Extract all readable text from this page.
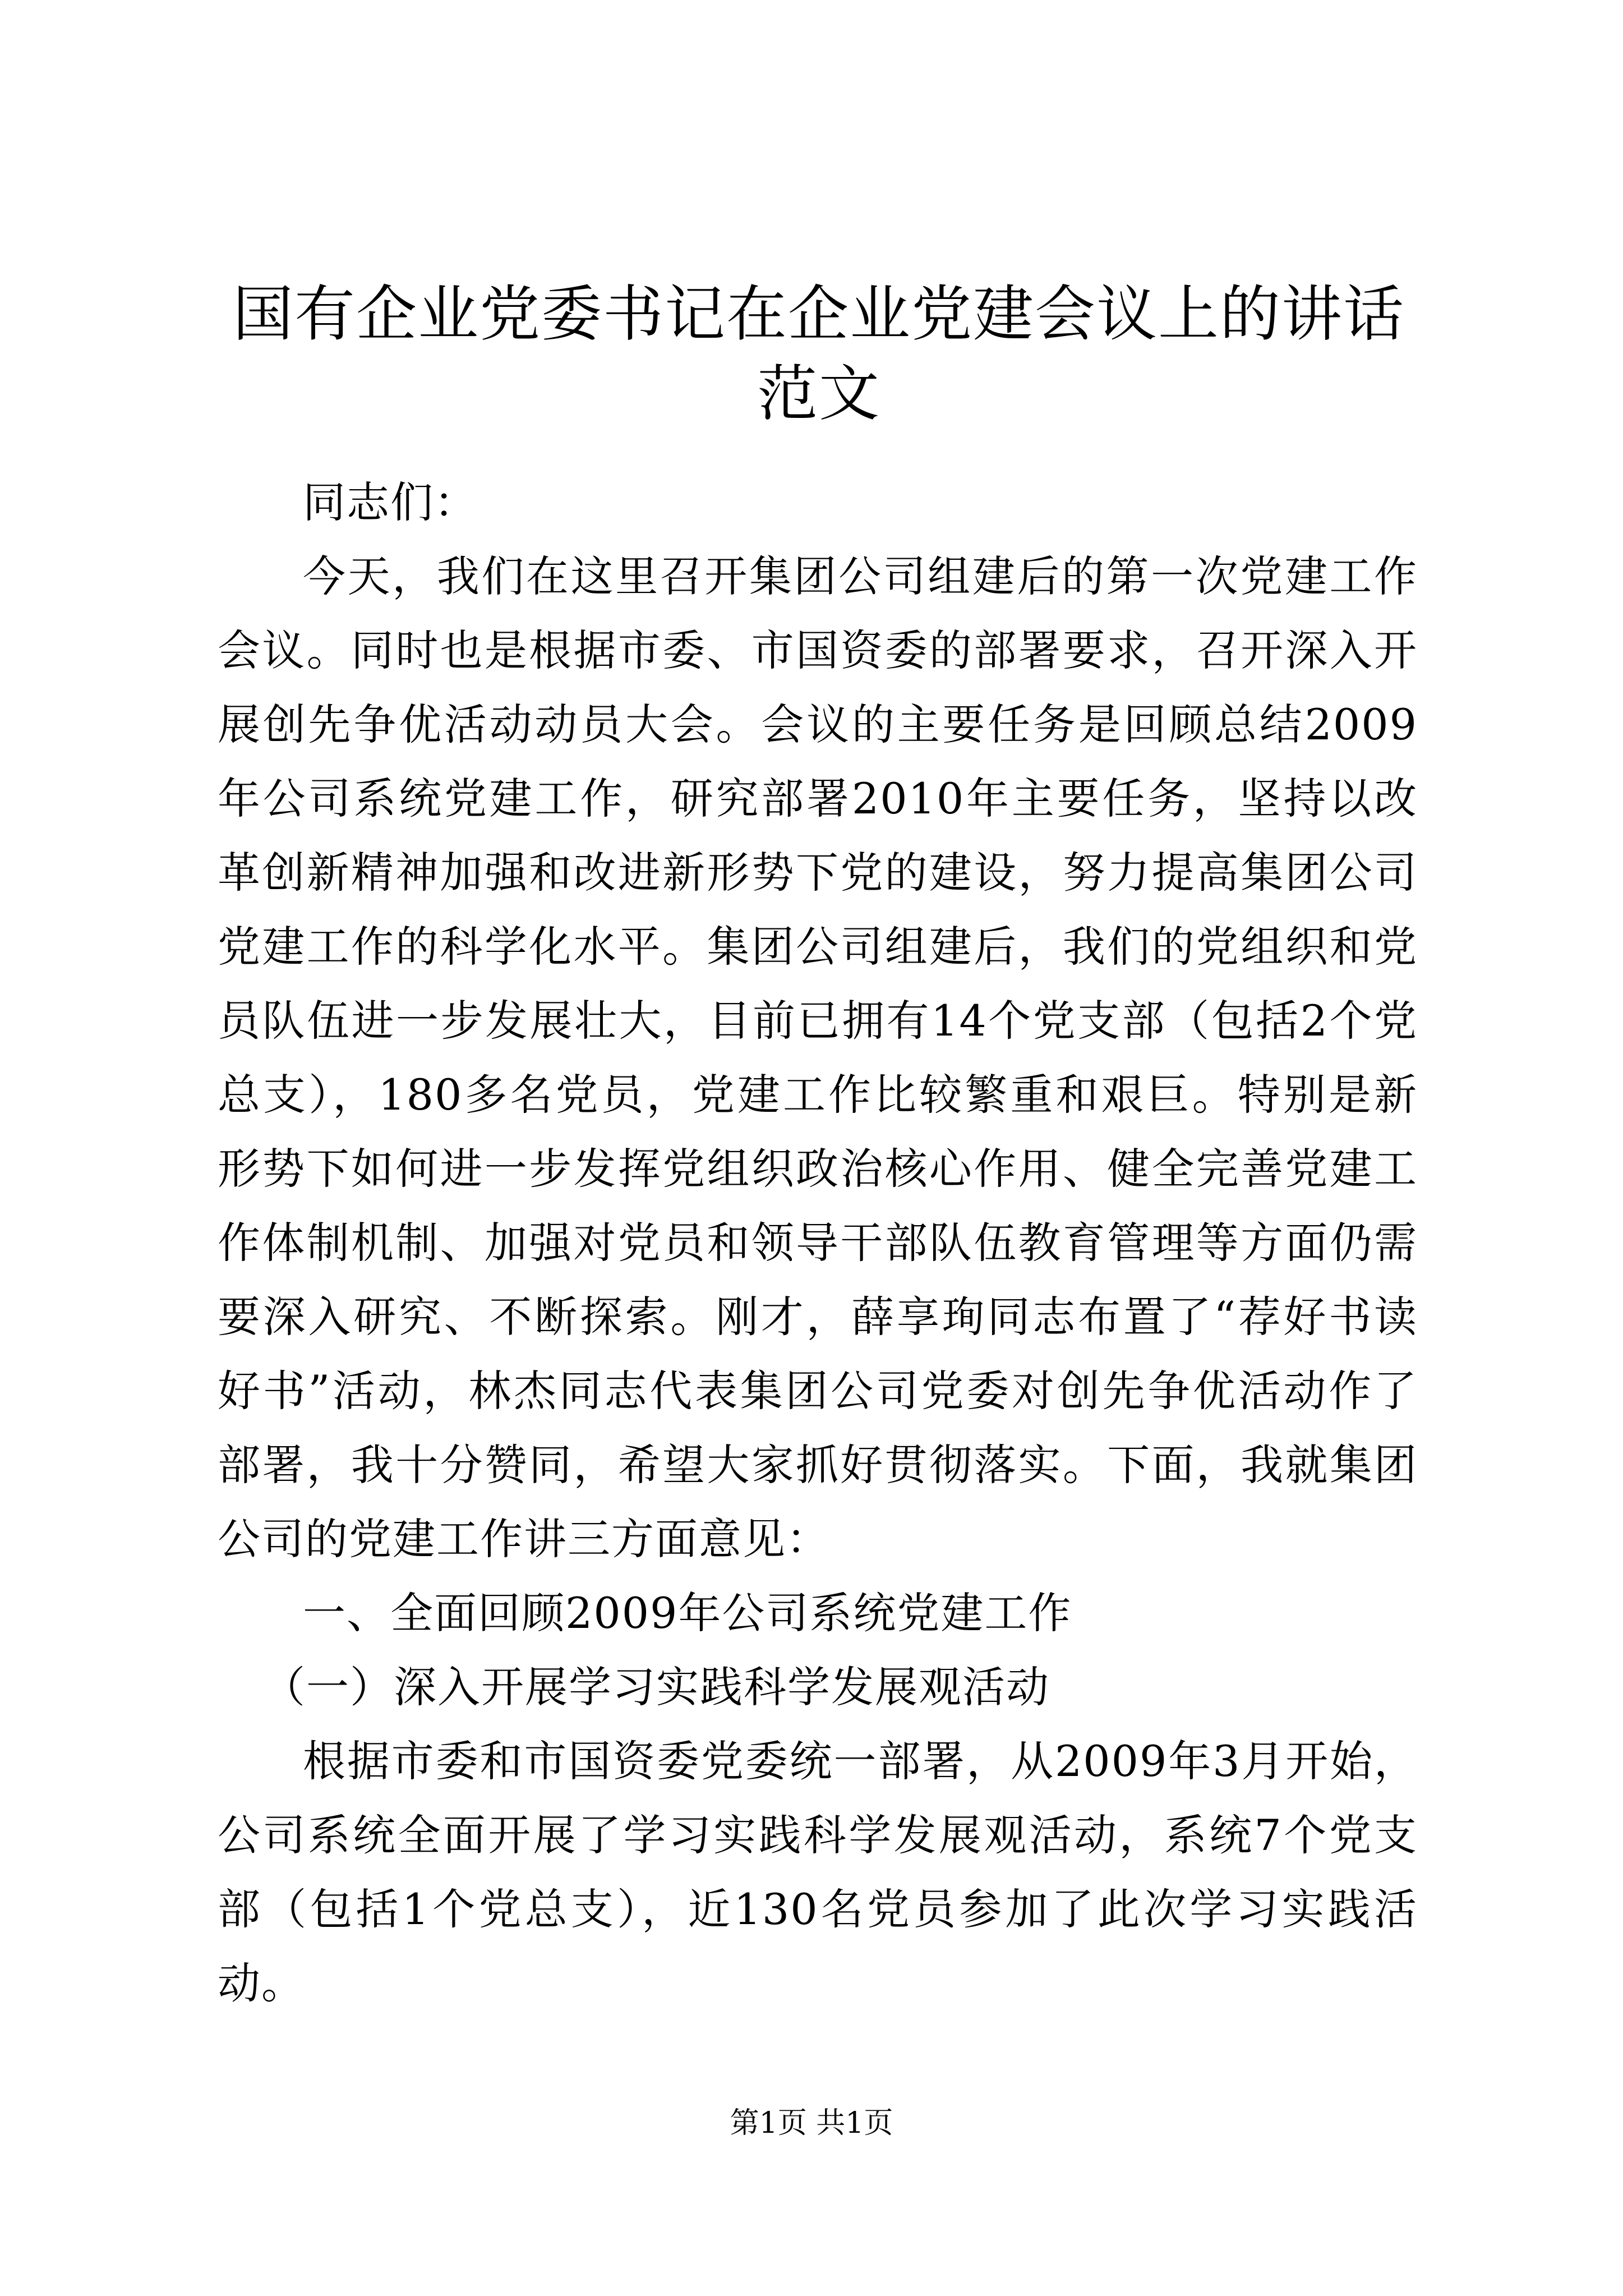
国有企业党委书记在企业党建会议上的讲话范文

同志们：

今天，我们在这里召开集团公司组建后的第一次党建工作会议。同时也是根据市委、市国资委的部署要求，召开深入开展创先争优活动动员大会。会议的主要任务是回顾总结2009年公司系统党建工作，研究部署2010年主要任务，坚持以改革创新精神加强和改进新形势下党的建设，努力提高集团公司党建工作的科学化水平。集团公司组建后，我们的党组织和党员队伍进一步发展壮大，目前已拥有14个党支部（包括2个党总支），180多名党员，党建工作比较繁重和艰巨。特别是新形势下如何进一步发挥党组织政治核心作用、健全完善党建工作体制机制、加强对党员和领导干部队伍教育管理等方面仍需要深入研究、不断探索。刚才，薛享珣同志布置了“荐好书读好书”活动，林杰同志代表集团公司党委对创先争优活动作了部署，我十分赞同，希望大家抓好贯彻落实。下面，我就集团公司的党建工作讲三方面意见：

一、全面回顾2009年公司系统党建工作

（一）深入开展学习实践科学发展观活动

根据市委和市国资委党委统一部署，从2009年3月开始，公司系统全面开展了学习实践科学发展观活动，系统7个党支部（包括1个党总支），近130名党员参加了此次学习实践活动。

第1页 共1页
